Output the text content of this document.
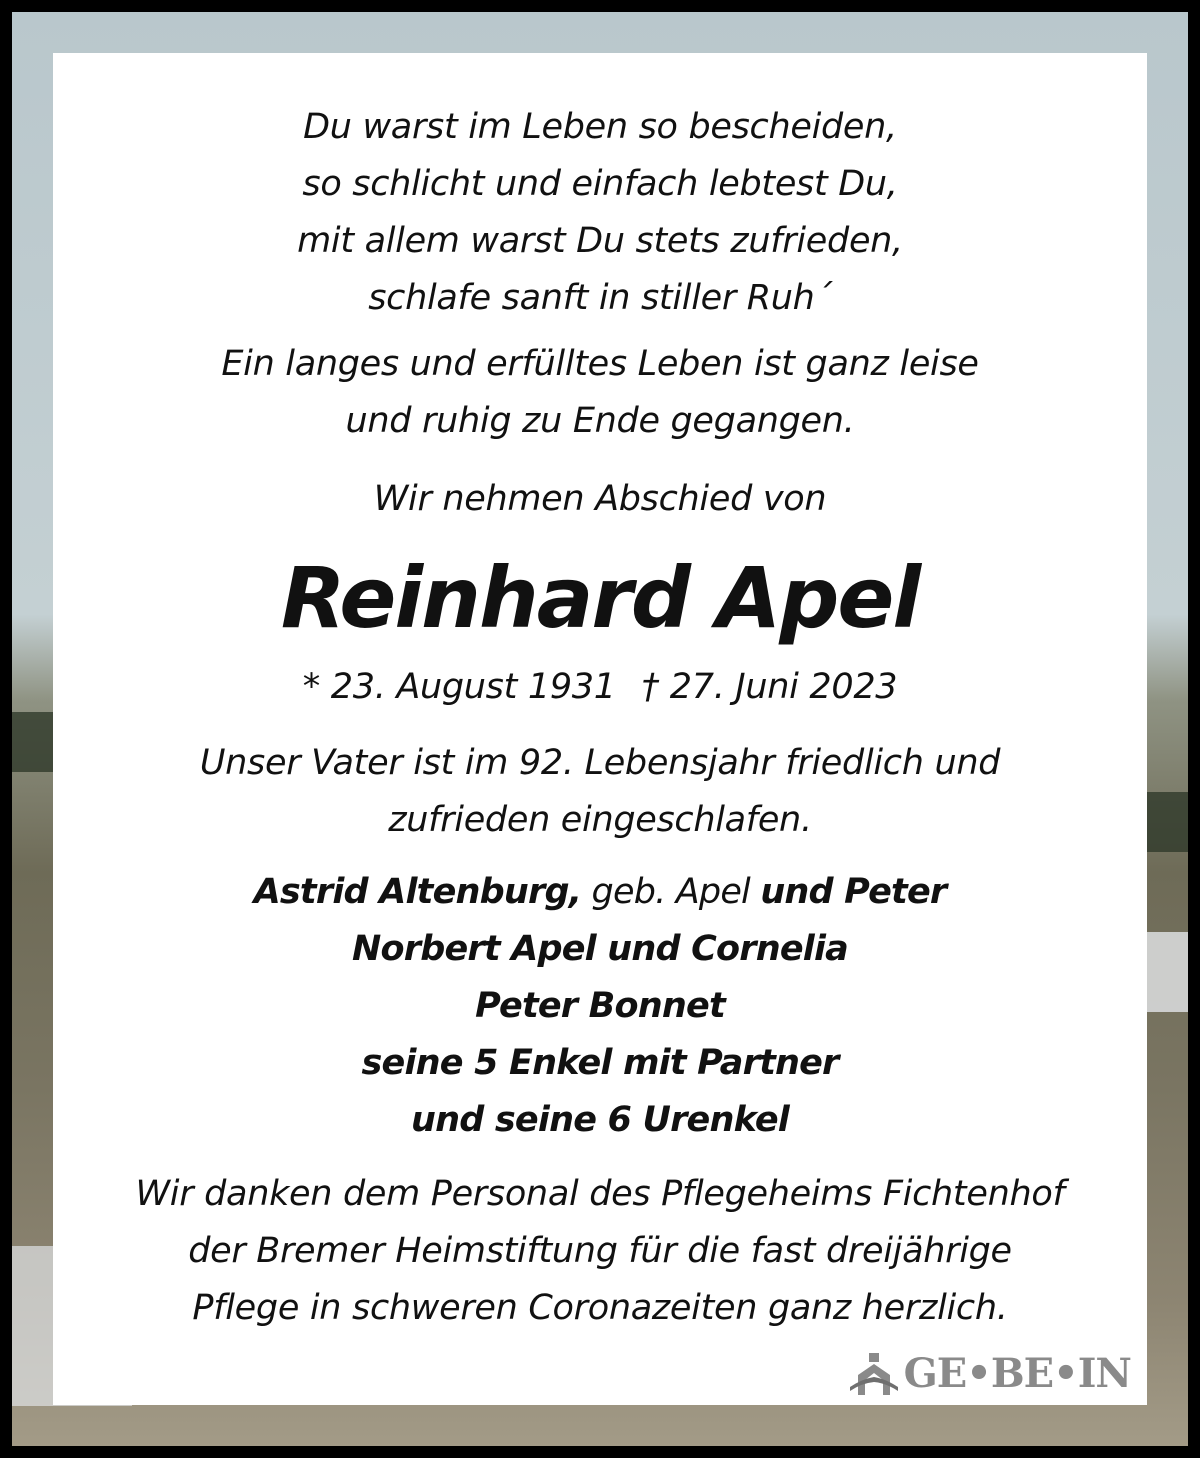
Du warst im Leben so bescheiden,
so schlicht und einfach lebtest Du,
mit allem warst Du stets zufrieden,
schlafe sanft in stiller Ruh´
Ein langes und erfülltes Leben ist ganz leise
und ruhig zu Ende gegangen.
Wir nehmen Abschied von
Reinhard Apel
* 23. August 1931 † 27. Juni 2023
Unser Vater ist im 92. Lebensjahr friedlich und
zufrieden eingeschlafen.
Astrid Altenburg, geb. Apel und Peter
Norbert Apel und Cornelia
Peter Bonnet
seine 5 Enkel mit Partner
und seine 6 Urenkel
Wir danken dem Personal des Pflegeheims Fichtenhof
der Bremer Heimstiftung für die fast dreijährige
Pflege in schweren Coronazeiten ganz herzlich.
GE•BE•IN
